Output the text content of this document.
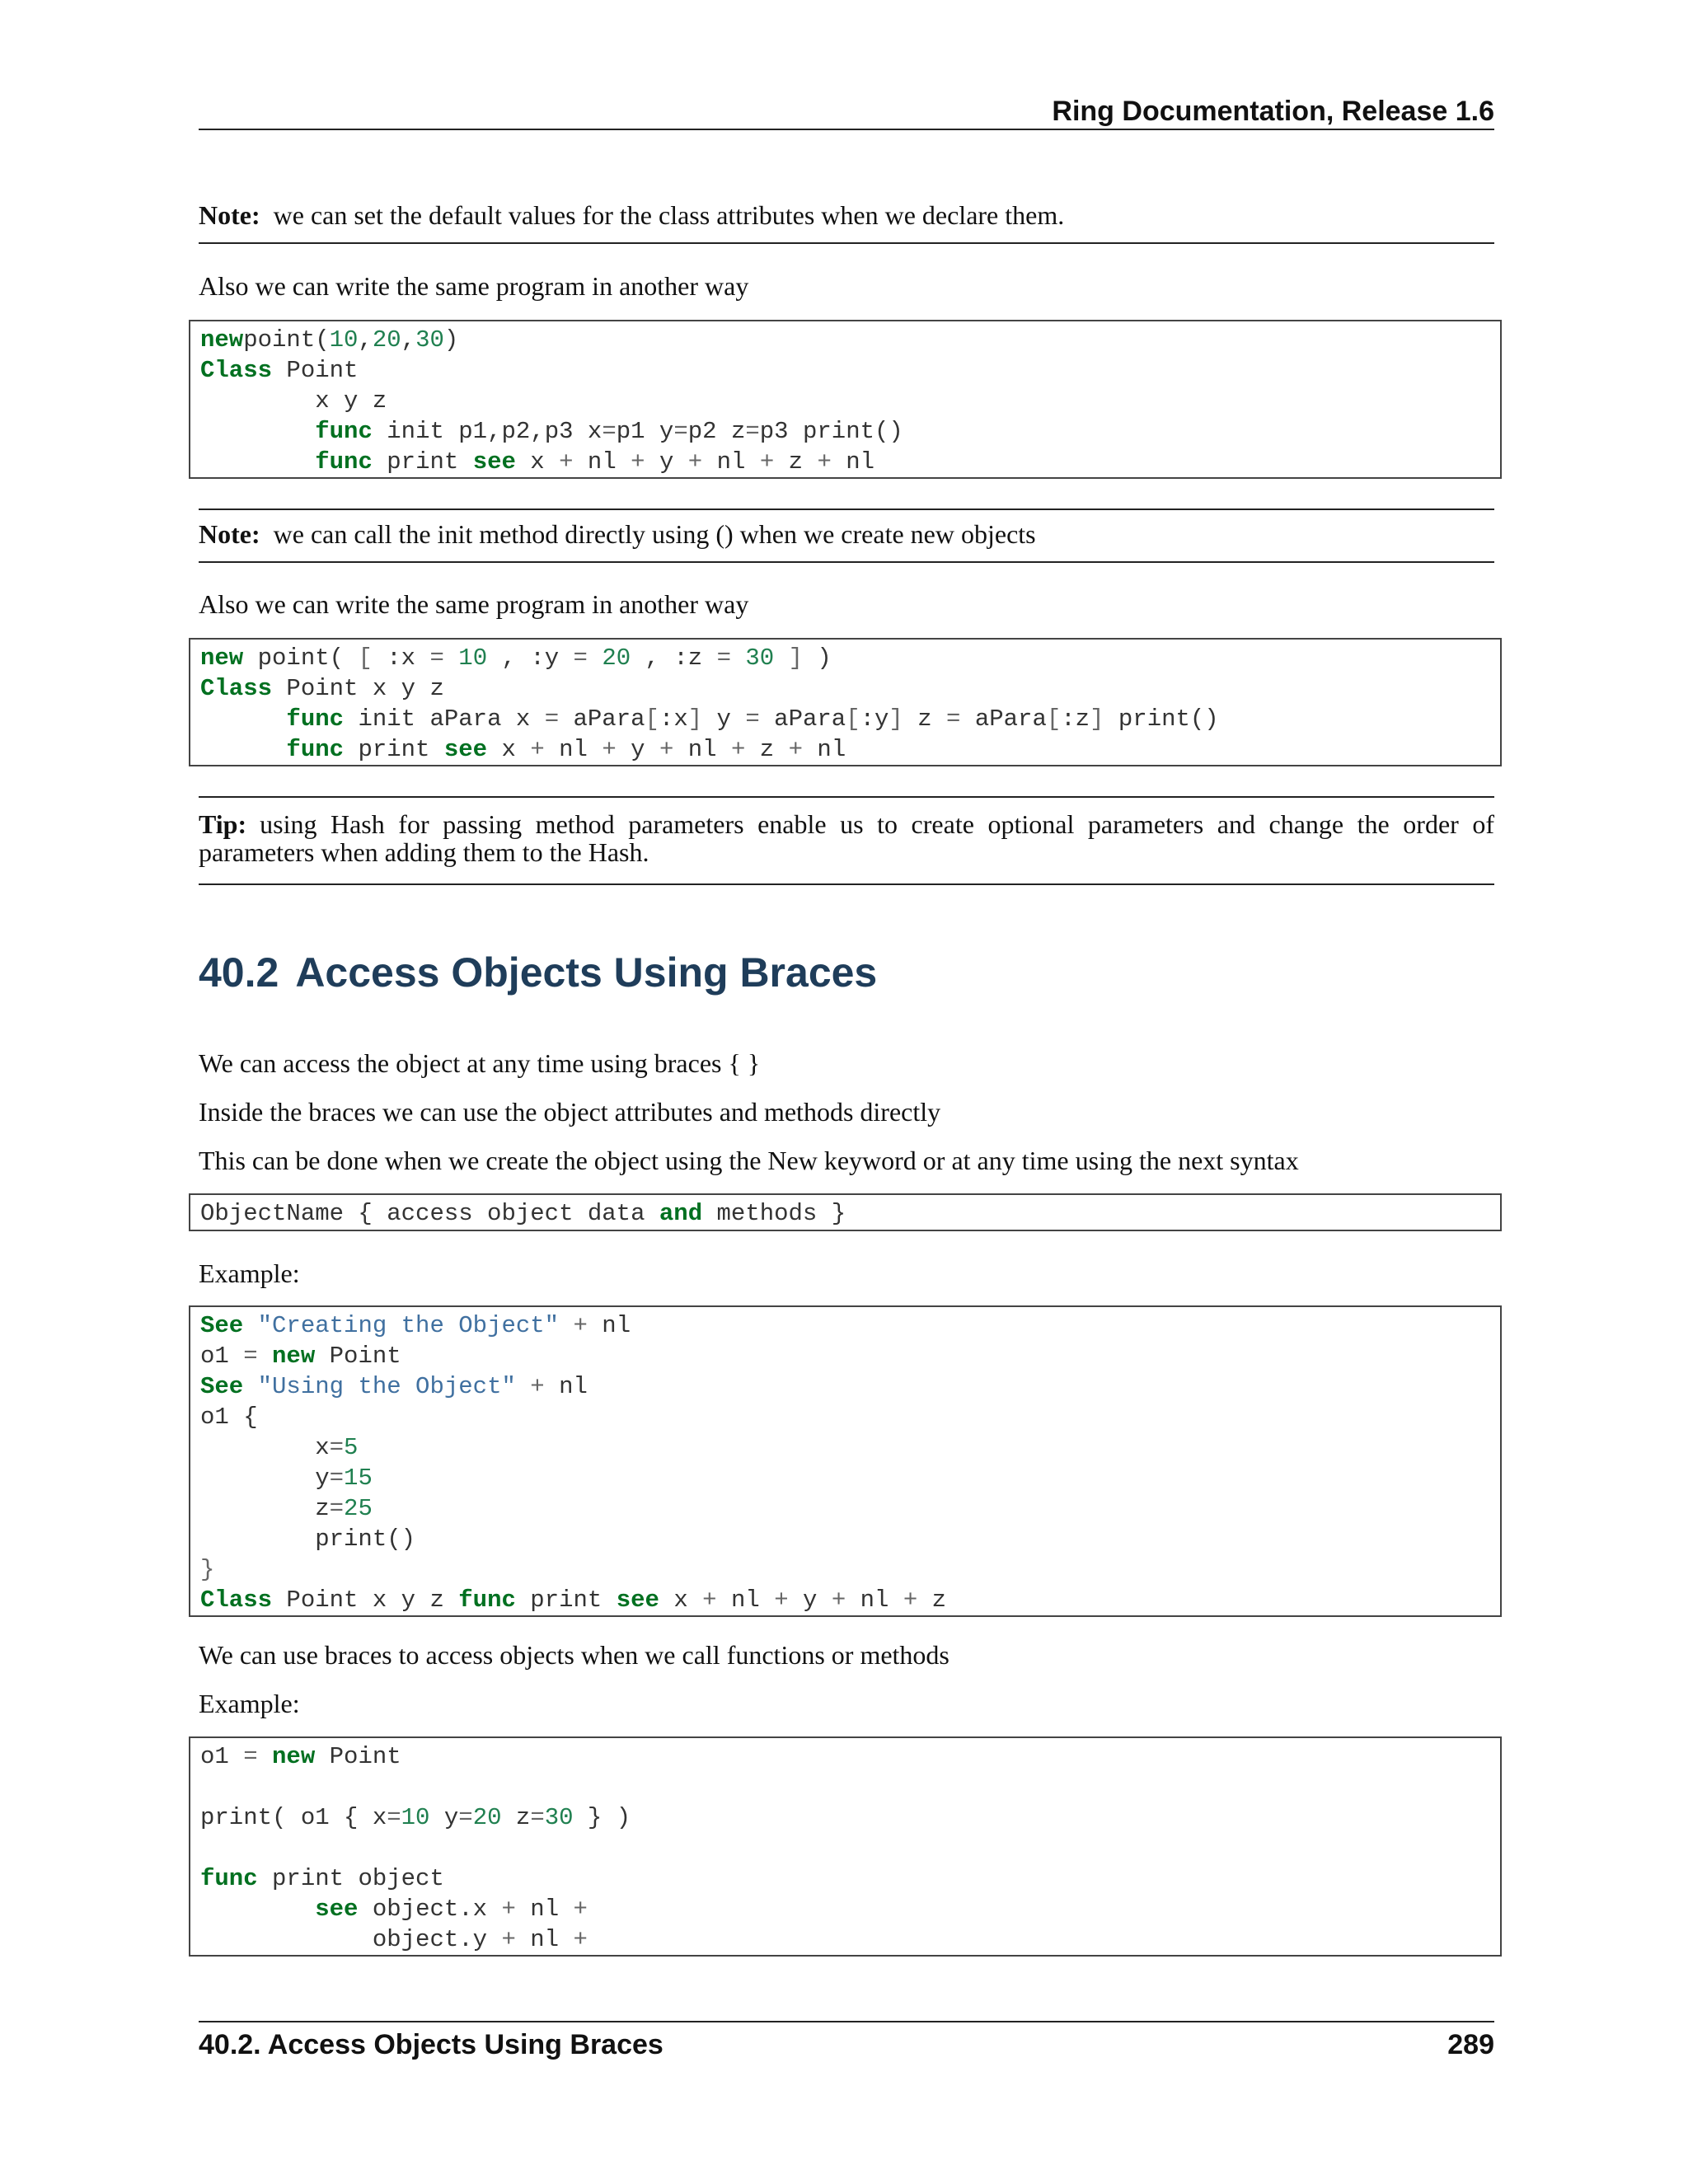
Ring Documentation, Release 1.6
Note: we can set the default values for the class attributes when we declare them.
Also we can write the same program in another way
newpoint(10,20,30)
Class Point
x y z
func init p1,p2,p3 x=p1 y=p2 z=p3 print()
func print see x + nl + y + nl + z + nl
Note: we can call the init method directly using () when we create new objects
Also we can write the same program in another way
new point( [ :x = 10 , :y = 20 , :z = 30 ] )
Class Point x y z
func init aPara x = aPara[:x] y = aPara[:y] z = aPara[:z] print()
func print see x + nl + y + nl + z + nl
Tip: using Hash for passing method parameters enable us to create optional parameters and change the order of parameters when adding them to the Hash.
40.2 Access Objects Using Braces
We can access the object at any time using braces { }
Inside the braces we can use the object attributes and methods directly
This can be done when we create the object using the New keyword or at any time using the next syntax
ObjectName { access object data and methods }
Example:
See "Creating the Object" + nl
o1 = new Point
See "Using the Object" + nl
o1 {
x=5
y=15
z=25
print()
}
Class Point x y z func print see x + nl + y + nl + z
We can use braces to access objects when we call functions or methods
Example:
o1 = new Point
print( o1 { x=10 y=20 z=30 } )
func print object
see object.x + nl +
object.y + nl +
40.2. Access Objects Using Braces	289
